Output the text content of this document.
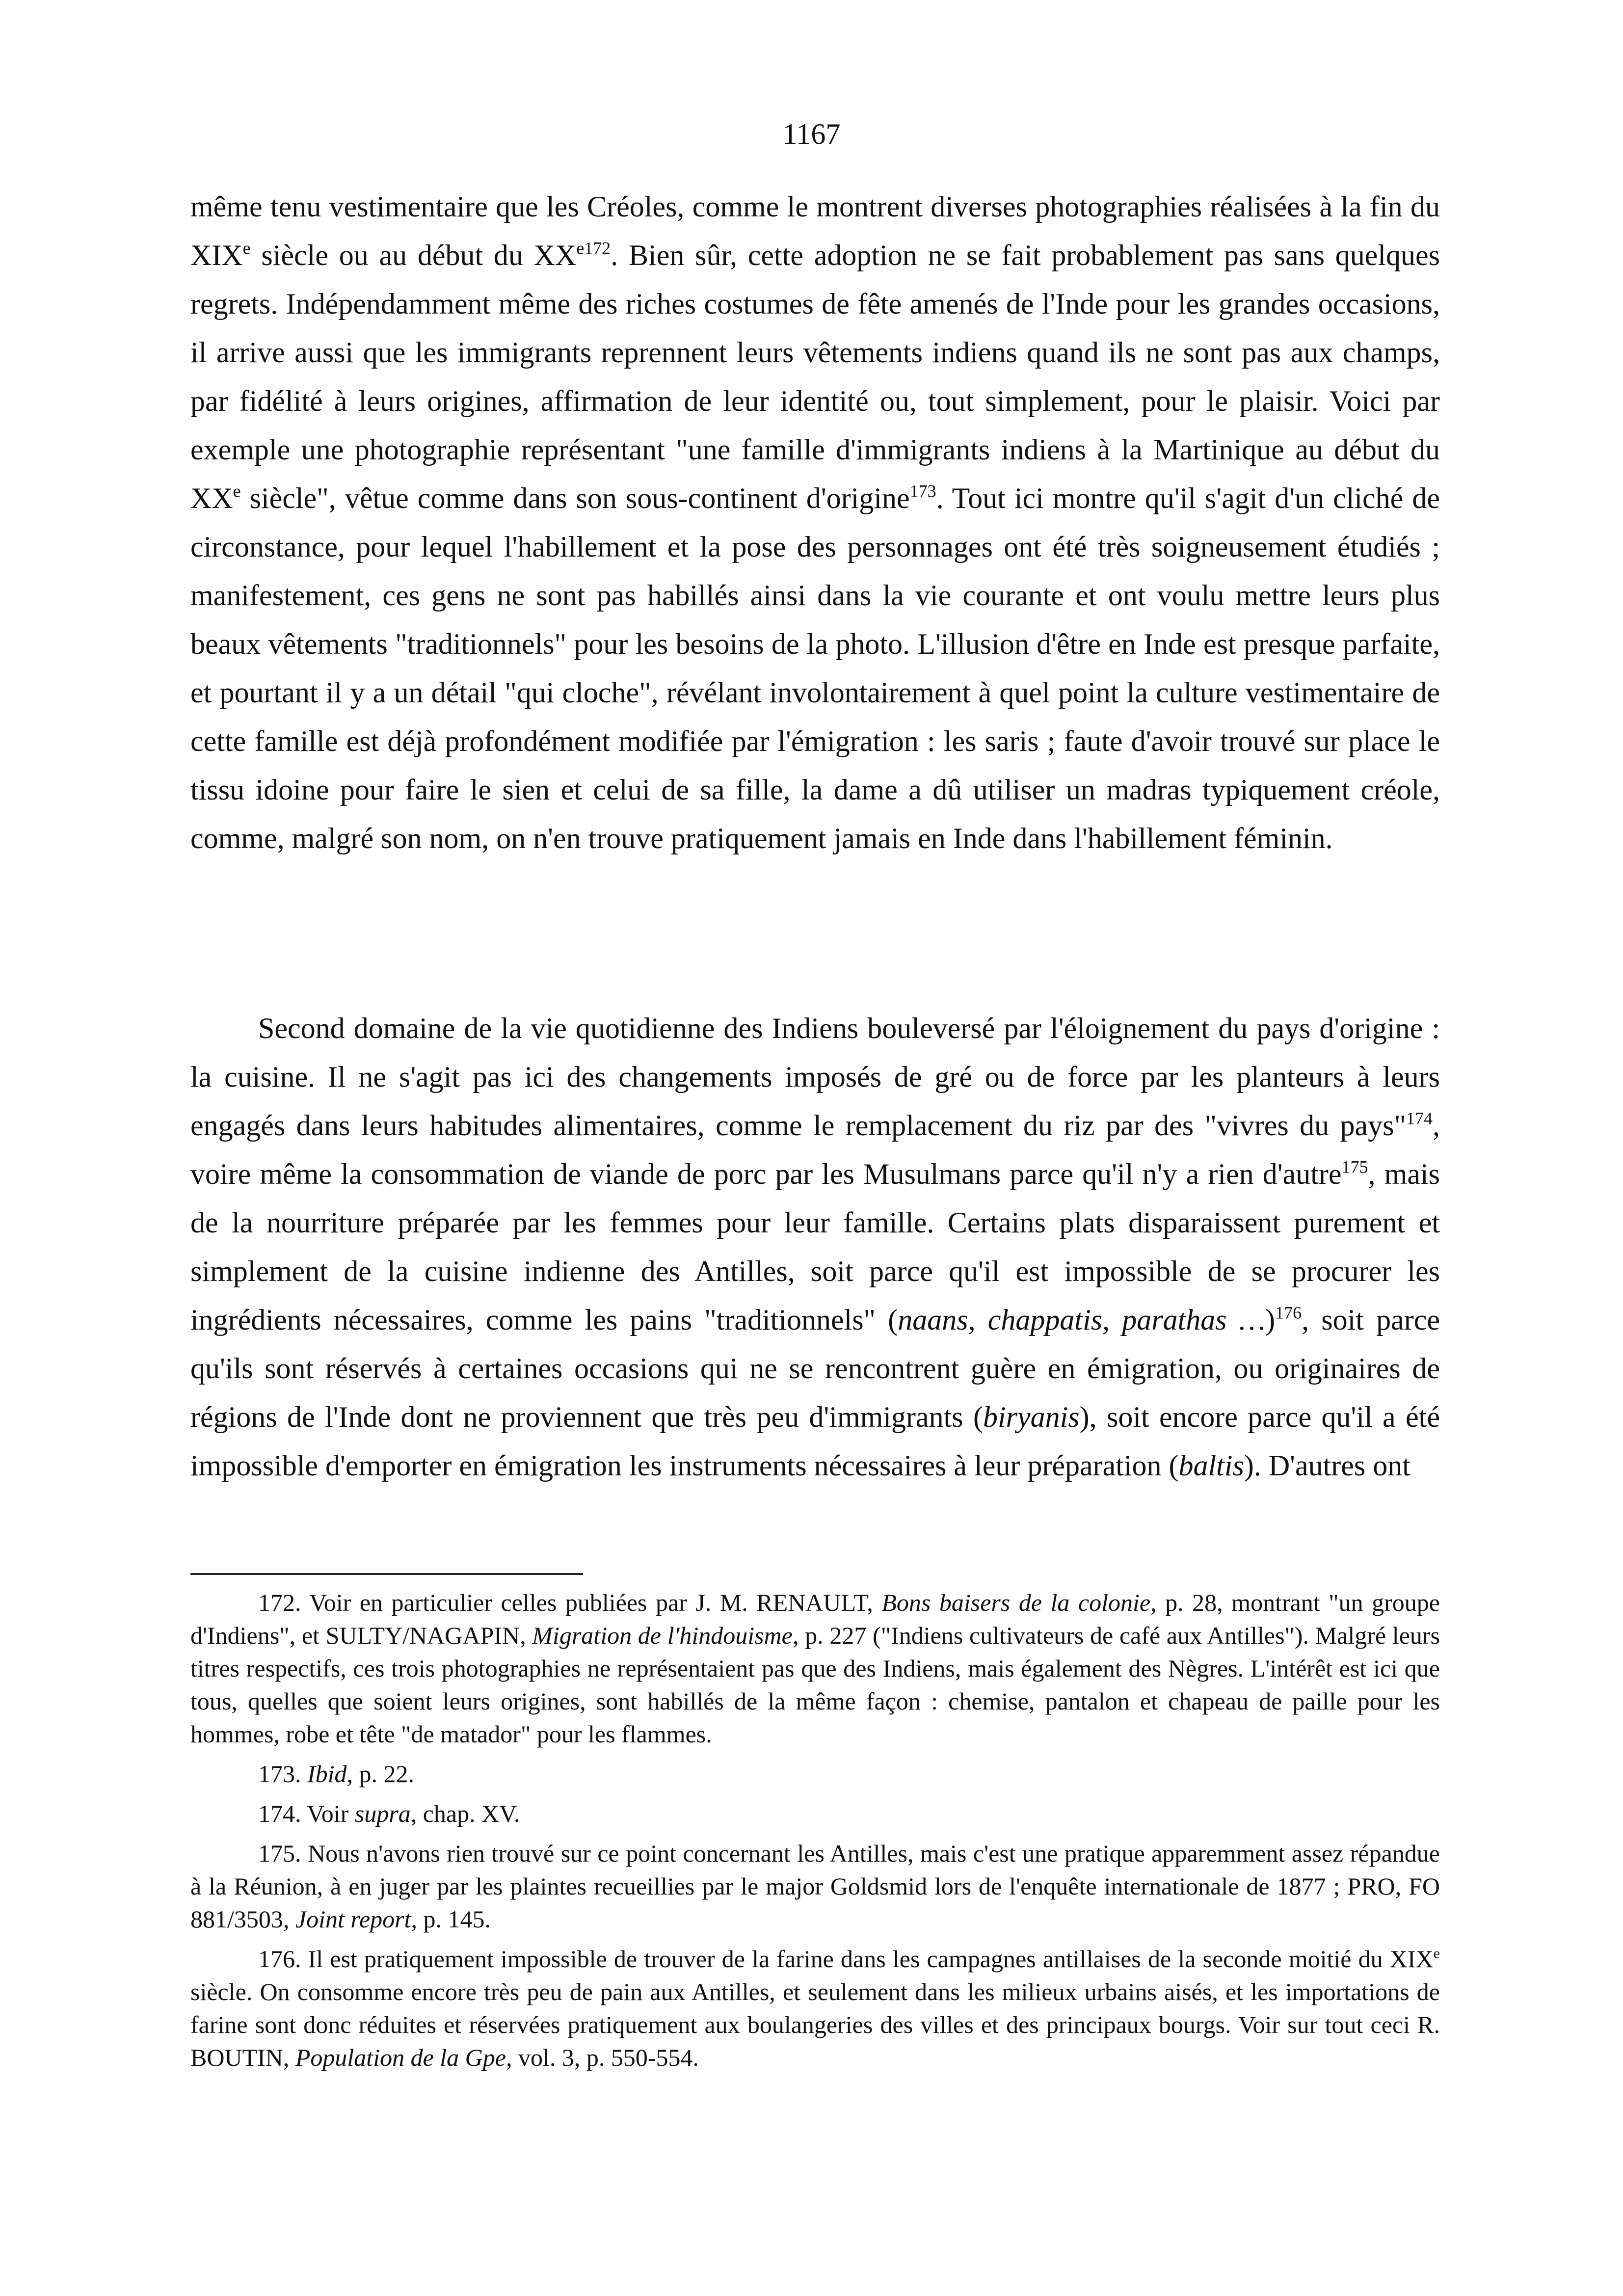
1167

même tenu vestimentaire que les Créoles, comme le montrent diverses photographies réalisées à la fin du XIXe siècle ou au début du $XX^{e172}$. Bien sûr, cette adoption ne se fait probablement pas sans quelques regrets. Indépendamment même des riches costumes de fête amenés de l'Inde pour les grandes occasions, il arrive aussi que les immigrants reprennent leurs vêtements indiens quand ils ne sont pas aux champs, par fidélité à leurs origines, affirmation de leur identité ou, tout simplement, pour le plaisir. Voici par exemple une photographie représentant "une famille d'immigrants indiens à la Martinique au début du XXe siècle", vêtue comme dans son sous-continent d'origine$^{173}$. Tout ici montre qu'il s'agit d'un cliché de circonstance, pour lequel l'habillement et la pose des personnages ont été très soigneusement étudiés ; manifestement, ces gens ne sont pas habillés ainsi dans la vie courante et ont voulu mettre leurs plus beaux vêtements "traditionnels" pour les besoins de la photo. L'illusion d'être en Inde est presque parfaite, et pourtant il y a un détail "qui cloche", révélant involontairement à quel point la culture vestimentaire de cette famille est déjà profondément modifiée par l'émigration : les saris ; faute d'avoir trouvé sur place le tissu idoine pour faire le sien et celui de sa fille, la dame a dû utiliser un madras typiquement créole, comme, malgré son nom, on n'en trouve pratiquement jamais en Inde dans l'habillement féminin.

Second domaine de la vie quotidienne des Indiens bouleversé par l'éloignement du pays d'origine : la cuisine. Il ne s'agit pas ici des changements imposés de gré ou de force par les planteurs à leurs engagés dans leurs habitudes alimentaires, comme le remplacement du riz par des "vivres du pays"$^{174}$, voire même la consommation de viande de porc par les Musulmans parce qu'il n'y a rien d'autre$^{175}$, mais de la nourriture préparée par les femmes pour leur famille. Certains plats disparaissent purement et simplement de la cuisine indienne des Antilles, soit parce qu'il est impossible de se procurer les ingrédients nécessaires, comme les pains "traditionnels" (naans, chappatis, parathas …)$^{176}$, soit parce qu'ils sont réservés à certaines occasions qui ne se rencontrent guère en émigration, ou originaires de régions de l'Inde dont ne proviennent que très peu d'immigrants (biryanis), soit encore parce qu'il a été impossible d'emporter en émigration les instruments nécessaires à leur préparation (baltis). D'autres ont

172. Voir en particulier celles publiées par J. M. RENAULT, Bons baisers de la colonie, p. 28, montrant "un groupe d'Indiens", et SULTY/NAGAPIN, Migration de l'hindouisme, p. 227 ("Indiens cultivateurs de café aux Antilles"). Malgré leurs titres respectifs, ces trois photographies ne représentaient pas que des Indiens, mais également des Nègres. L'intérêt est ici que tous, quelles que soient leurs origines, sont habillés de la même façon : chemise, pantalon et chapeau de paille pour les hommes, robe et tête "de matador" pour les flammes.

173. Ibid, p. 22.

174. Voir supra, chap. XV.

175. Nous n'avons rien trouvé sur ce point concernant les Antilles, mais c'est une pratique apparemment assez répandue à la Réunion, à en juger par les plaintes recueillies par le major Goldsmid lors de l'enquête internationale de 1877 ; PRO, FO 881/3503, Joint report, p. 145.

176. Il est pratiquement impossible de trouver de la farine dans les campagnes antillaises de la seconde moitié du XIXe siècle. On consomme encore très peu de pain aux Antilles, et seulement dans les milieux urbains aisés, et les importations de farine sont donc réduites et réservées pratiquement aux boulangeries des villes et des principaux bourgs. Voir sur tout ceci R. BOUTIN, Population de la Gpe, vol. 3, p. 550-554.
